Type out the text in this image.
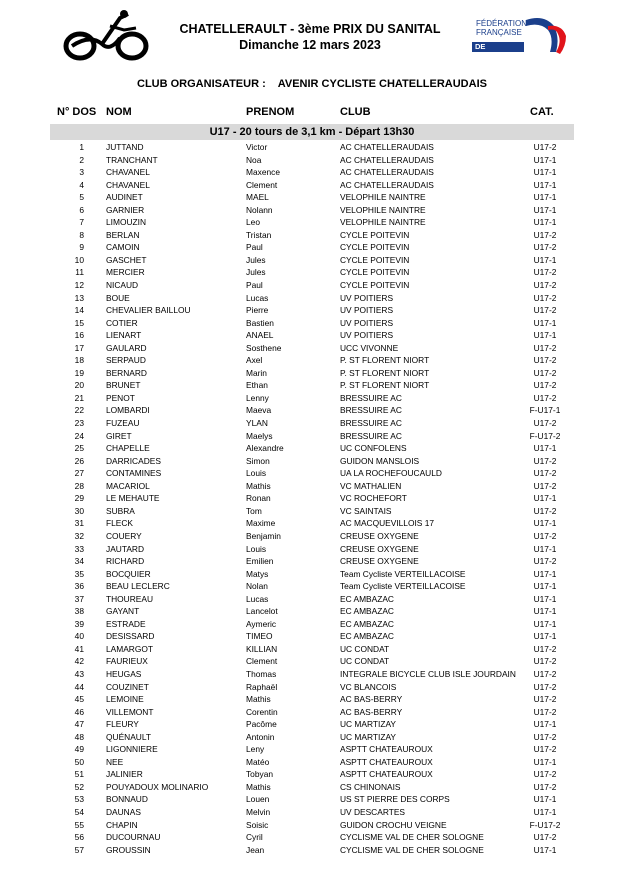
CHATELLERAULT - 3ème PRIX DU SANITAL
Dimanche 12 mars 2023
FÉDÉRATION
FRANÇAISE
DE CYCLISME
CLUB ORGANISATEUR : AVENIR CYCLISTE CHATELLERAUDAIS
N° DOS NOM	PRENOM	CLUB	CAT.
U17 - 20 tours de 3,1 km - Départ 13h30
1	JUTTAND	Victor	AC CHATELLERAUDAIS	U17-2
2	TRANCHANT	Noa	AC CHATELLERAUDAIS	U17-1
3	CHAVANEL	Maxence	AC CHATELLERAUDAIS	U17-1
4	CHAVANEL	Clement	AC CHATELLERAUDAIS	U17-1
5	AUDINET	MAEL	VELOPHILE NAINTRE	U17-1
6	GARNIER	Nolann	VELOPHILE NAINTRE	U17-1
7	LIMOUZIN	Leo	VELOPHILE NAINTRE	U17-1
8	BERLAN	Tristan	CYCLE POITEVIN	U17-2
9	CAMOIN	Paul	CYCLE POITEVIN	U17-2
10	GASCHET	Jules	CYCLE POITEVIN	U17-1
11	MERCIER	Jules	CYCLE POITEVIN	U17-2
12	NICAUD	Paul	CYCLE POITEVIN	U17-2
13	BOUE	Lucas	UV POITIERS	U17-2
14	CHEVALIER BAILLOU	Pierre	UV POITIERS	U17-2
15	COTIER	Bastien	UV POITIERS	U17-1
16	LIENART	ANAEL	UV POITIERS	U17-1
17	GAULARD	Sosthene	UCC VIVONNE	U17-2
18	SERPAUD	Axel	P. ST FLORENT NIORT	U17-2
19	BERNARD	Marin	P. ST FLORENT NIORT	U17-2
20	BRUNET	Ethan	P. ST FLORENT NIORT	U17-2
21	PENOT	Lenny	BRESSUIRE AC	U17-2
22	LOMBARDI	Maeva	BRESSUIRE AC	F-U17-1
23	FUZEAU	YLAN	BRESSUIRE AC	U17-2
24	GIRET	Maelys	BRESSUIRE AC	F-U17-2
25	CHAPELLE	Alexandre	UC CONFOLENS	U17-1
26	DARRICADES	Simon	GUIDON MANSLOIS	U17-2
27	CONTAMINES	Louis	UA LA ROCHEFOUCAULD	U17-2
28	MACARIOL	Mathis	VC MATHALIEN	U17-2
29	LE MEHAUTE	Ronan	VC ROCHEFORT	U17-1
30	SUBRA	Tom	VC SAINTAIS	U17-2
31	FLECK	Maxime	AC MACQUEVILLOIS 17	U17-1
32	COUERY	Benjamin	CREUSE OXYGENE	U17-2
33	JAUTARD	Louis	CREUSE OXYGENE	U17-1
34	RICHARD	Emilien	CREUSE OXYGENE	U17-2
35	BOCQUIER	Matys	Team Cycliste VERTEILLACOISE	U17-1
36	BEAU LECLERC	Nolan	Team Cycliste VERTEILLACOISE	U17-1
37	THOUREAU	Lucas	EC AMBAZAC	U17-1
38	GAYANT	Lancelot	EC AMBAZAC	U17-1
39	ESTRADE	Aymeric	EC AMBAZAC	U17-1
40	DESISSARD	TIMEO	EC AMBAZAC	U17-1
41	LAMARGOT	KILLIAN	UC CONDAT	U17-2
42	FAURIEUX	Clement	UC CONDAT	U17-2
43	HEUGAS	Thomas	INTEGRALE BICYCLE CLUB ISLE JOURDAIN	U17-2
44	COUZINET	Raphaël	VC BLANCOIS	U17-2
45	LEMOINE	Mathis	AC BAS-BERRY	U17-2
46	VILLEMONT	Corentin	AC BAS-BERRY	U17-2
47	FLEURY	Pacôme	UC MARTIZAY	U17-1
48	QUÉNAULT	Antonin	UC MARTIZAY	U17-2
49	LIGONNIERE	Leny	ASPTT CHATEAUROUX	U17-2
50	NEE	Matéo	ASPTT CHATEAUROUX	U17-1
51	JALINIER	Tobyan	ASPTT CHATEAUROUX	U17-2
52	POUYADOUX MOLINARIO	Mathis	CS CHINONAIS	U17-2
53	BONNAUD	Louen	US ST PIERRE DES CORPS	U17-1
54	DAUNAS	Melvin	UV DESCARTES	U17-1
55	CHAPIN	Soisic	GUIDON CROCHU VEIGNE	F-U17-2
56	DUCOURNAU	Cyril	CYCLISME VAL DE CHER SOLOGNE	U17-2
57	GROUSSIN	Jean	CYCLISME VAL DE CHER SOLOGNE	U17-1
